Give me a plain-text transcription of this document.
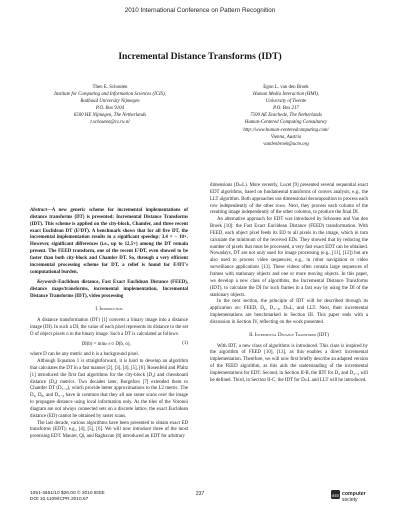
2010 International Conference on Pattern Recognition
Incremental Distance Transforms (IDT)
Theo E. Schouten
Institute for Computing and Information Sciences (ICIS),
Radboud University Nijmegen
P.O. Box 9104
6500 HE Nijmegen, The Netherlands
t.schouten@cs.ru.nl
Egon L. van den Broek
Human Media Interaction (HMI),
University of Twente
P.O. Box 217
7500 AE Enschede, The Netherlands
Human-Centered Computing Consultancy
http://www.human-centeredcomputing.com/
Vienna, Austria
vandenbroek@acm.org

Abstract—A new generic scheme for incremental implementations of distance transforms (DT) is presented: Incremental Distance Transforms (IDT). This scheme is applied on the city-block, Chamfer, and three recent exact Euclidean DT (E²DT). A benchmark shows that for all five DT, the incremental implementation results in a significant speedup: 3.4 × − 10×. However, significant differences (i.e., up to 12.5×) among the DT remain present. The FEED transform, one of the recent E²DT, even showed to be faster than both city-block and Chamfer DT. So, through a very efficient incremental processing scheme for DT, a relief is found for E²DT's computational burden.

Keywords-Euclidean distance, Fast Exact Euclidean Distance (FEED), distance maps/transforms, incremental implementation, Incremental Distance Transforms (IDT), video processing

I. Introduction

A distance transformation (DT) [1] converts a binary image into a distance image (DI). In such a DI, the value of each pixel represents its distance to the set O of object pixels o in the binary image. Such a DT is calculated as follows:

DI(b) = mino ∈ O D(b, o),	(1)

where D can be any metric and b is a background pixel.

Although Equation 1 is straightforward, it is hard to develop an algorithm that calculates the DT in a fast manner [2], [3], [4], [5], [6]. Rosenfeld and Pfaltz [1] introduced the first fast algorithms for the city-block (D₄) and chessboard distance (D₈) metrics. Two decades later, Borgefors [7] extended them to Chamfer DT (D₃₋₄), which provide better approximations to the L2 metric. The D₄, D₈, and D₃₋₄ have in common that they all use raster scans over the image to propagate distance using local information only. As the tiles of the Voronoi diagram are not always connected sets on a discrete lattice, the exact Euclidean distance (ED) cannot be obtained by raster scans.

The last decade, various algorithms have been presented to obtain exact ED transforms (EDT); e.g., [4], [5], [6]. We will now introduce three of the most promising EDT. Maurer, Qi, and Raghavan [8] introduced an EDT for arbitrary

dimensions (DₘL). More recently, Lucet [9] presented several sequential exact EDT algorithms, based on fundamental transforms of convex analysis; e.g., the LLT algorithm. Both approaches use dimensional decomposition to process each row independently of the other rows. Next, they process each column of the resulting image independently of the other columns, to produce the final DI.

An alternative approach for EDT was introduced by Schouten and Van den Broek [10]: the Fast Exact Euclidean Distance (FEED) transformation. With FEED, each object pixel feeds its ED to all pixels in the image, which in turn calculate the minimum of the received EDs. They showed that by reducing the number of pixels that must be processed, a very fast exact EDT can be obtained. Nowadays, DT are not only used for image processing (e.g., [11], [12]) but are also used to process video sequences; e.g., in robot navigation or video surveillance applications [13]. These videos often contain large sequences of frames with stationary objects and one or more moving objects. In this paper, we develop a new class of algorithms, the Incremental Distance Transforms (IDT), to calculate the DI for such frames in a fast way by using the DI of the stationary objects.

In the next section, the principle of IDT will be described through its application on: FEED, D₄, D₃₋₄, DₘL, and LLT. Next, their incremental implementations are benchmarked in Section III. This paper ends with a discussion in Section IV, reflecting on the work presented.

II. Incremental Distance Transforms (IDT)

With IDT, a new class of algorithms is introduced. This class is inspired by the algorithm of FEED [10], [13], as this enables a direct incremental implementation. Therefore, we will now first briefly describe an adapted version of the FEED algorithm, as this aids the understanding of the incremental implementations for EDT. Second, in Section II-B, the IDT for D₄ and D₃₋₄ will be defined. Third, in Section II-C, the IDT for DₘL and LLT will be introduced.

1051-4651/10 $26.00 © 2010 IEEE
DOI 10.1109/ICPR.2010.67
237	IEEE computer
society
